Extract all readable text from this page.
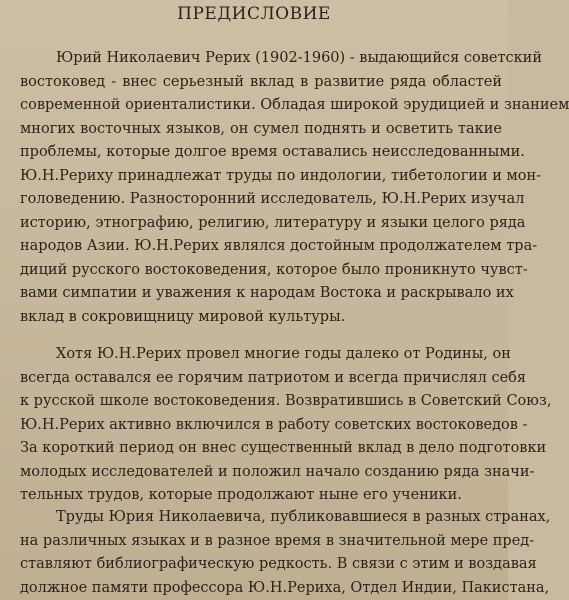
ПРЕДИСЛОВИЕ
Юрий Николаевич Рерих (1902-1960) - выдающийся советский
востоковед - внес серьезный вклад в развитие ряда областей
современной ориенталистики. Обладая широкой эрудицией и знанием
многих восточных языков, он сумел поднять и осветить такие
проблемы, которые долгое время оставались неисследованными.
Ю.Н.Рериху принадлежат труды по индологии, тибетологии и мон-
головедению. Разносторонний исследователь, Ю.Н.Рерих изучал
историю, этнографию, религию, литературу и языки целого ряда
народов Азии. Ю.Н.Рерих являлся достойным продолжателем тра-
диций русского востоковедения, которое было проникнуто чувст-
вами симпатии и уважения к народам Востока и раскрывало их
вклад в сокровищницу мировой культуры.
Хотя Ю.Н.Рерих провел многие годы далеко от Родины, он
всегда оставался ее горячим патриотом и всегда причислял себя
к русской школе востоковедения. Возвратившись в Советский Союз,
Ю.Н.Рерих активно включился в работу советских востоковедов -
За короткий период он внес существенный вклад в дело подготовки
молодых исследователей и положил начало созданию ряда значи-
тельных трудов, которые продолжают ныне его ученики.
Труды Юрия Николаевича, публиковавшиеся в разных странах,
на различных языках и в разное время в значительной мере пред-
ставляют библиографическую редкость. В связи с этим и воздавая
должное памяти профессора Ю.Н.Рериха, Отдел Индии, Пакистана,
